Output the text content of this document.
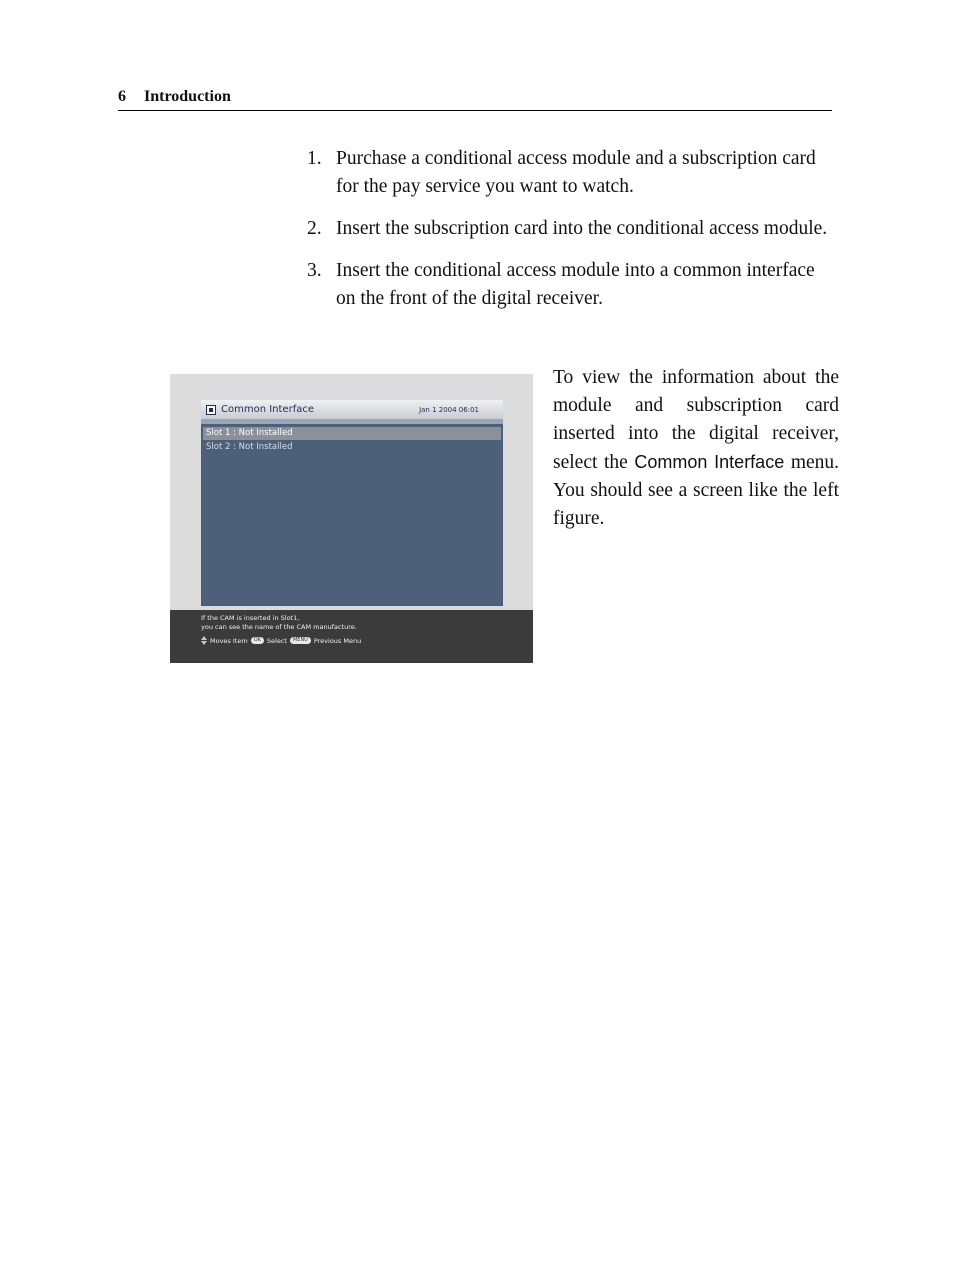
6 Introduction
1. Purchase a conditional access module and a subscription card for the pay service you want to watch.
2. Insert the subscription card into the conditional access module.
3. Insert the conditional access module into a common interface on the front of the digital receiver.
Common Interface	Jan 1 2004 06:01
Slot 1 : Not Installed
Slot 2 : Not Installed
If the CAM is inserted in Slot1,
you can see the name of the CAM manufacture.
Moves Item	OK Select	MENU Previous Menu
To view the information about the module and subscription card inserted into the digital receiver, select the Common Interface menu. You should see a screen like the left figure.
